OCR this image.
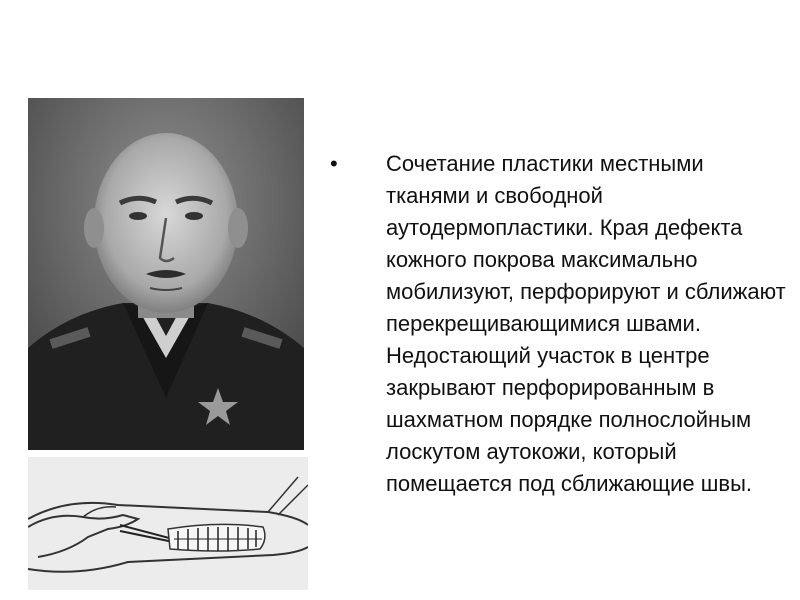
• Сочетание пластики местными тканями и свободной аутодермопластики. Края дефекта кожного покрова максимально мобилизуют, перфорируют и сближают перекрещивающимися швами. Недостающий участок в центре закрывают перфорированным в шахматном порядке полнослойным лоскутом аутокожи, который помещается под сближающие швы.
